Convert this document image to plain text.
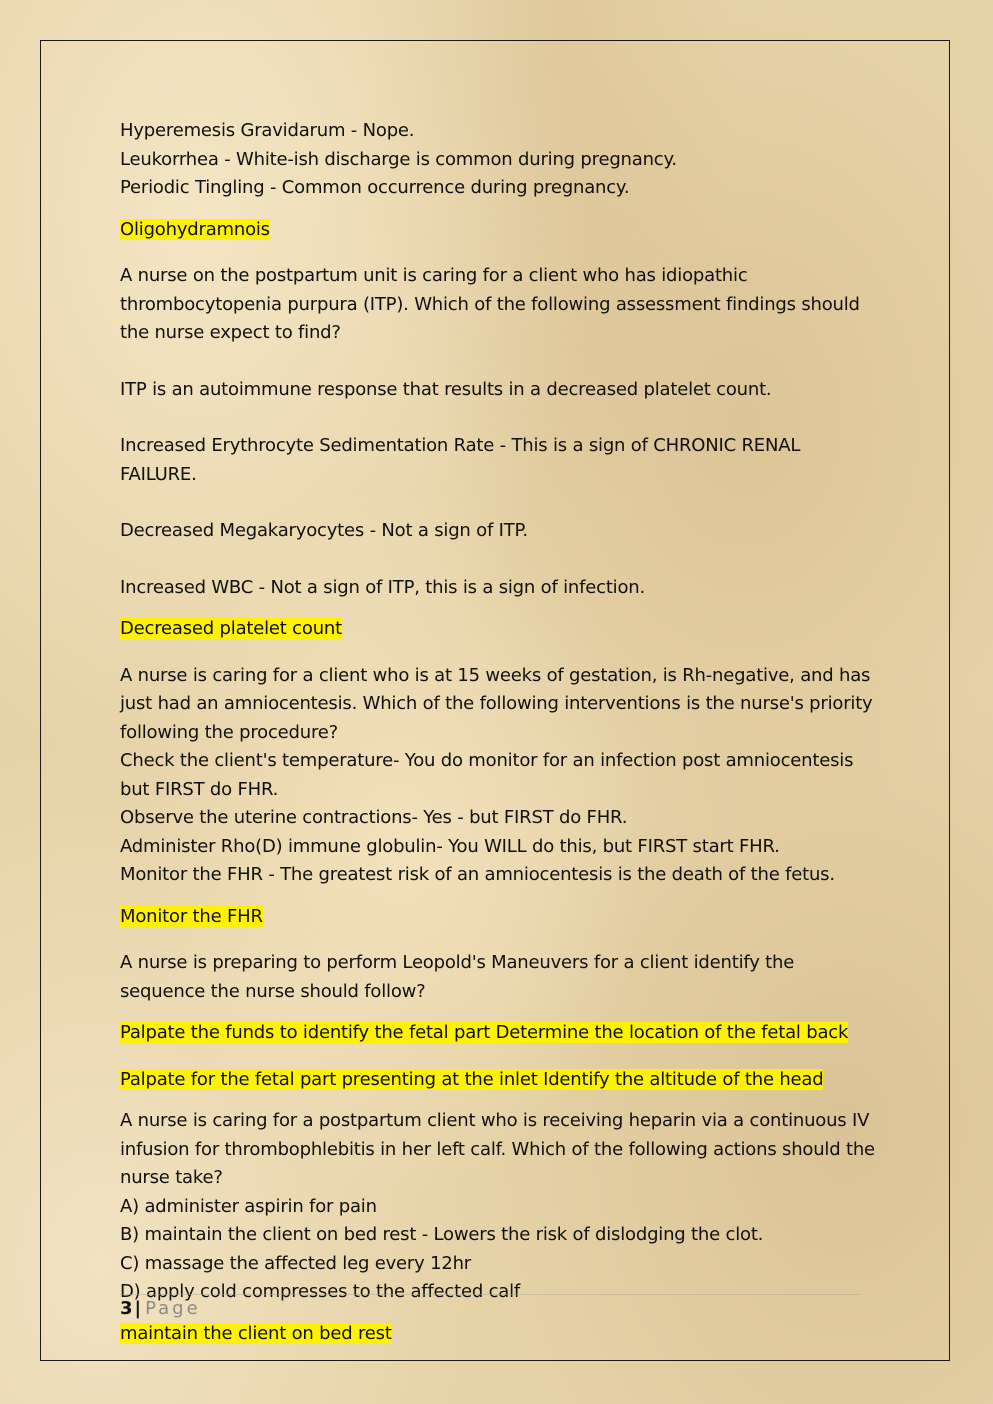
Hyperemesis Gravidarum - Nope.

Leukorrhea - White-ish discharge is common during pregnancy.

Periodic Tingling - Common occurrence during pregnancy.

Oligohydramnois

A nurse on the postpartum unit is caring for a client who has idiopathic thrombocytopenia purpura (ITP). Which of the following assessment findings should the nurse expect to find?

ITP is an autoimmune response that results in a decreased platelet count.

Increased Erythrocyte Sedimentation Rate - This is a sign of CHRONIC RENAL FAILURE.

Decreased Megakaryocytes - Not a sign of ITP.

Increased WBC - Not a sign of ITP, this is a sign of infection.

Decreased platelet count

A nurse is caring for a client who is at 15 weeks of gestation, is Rh-negative, and has just had an amniocentesis. Which of the following interventions is the nurse's priority following the procedure?

Check the client's temperature- You do monitor for an infection post amniocentesis but FIRST do FHR.

Observe the uterine contractions- Yes - but FIRST do FHR.

Administer Rho(D) immune globulin- You WILL do this, but FIRST start FHR.

Monitor the FHR - The greatest risk of an amniocentesis is the death of the fetus.

Monitor the FHR

A nurse is preparing to perform Leopold's Maneuvers for a client identify the sequence the nurse should follow?

Palpate the funds to identify the fetal part Determine the location of the fetal back

Palpate for the fetal part presenting at the inlet Identify the altitude of the head

A nurse is caring for a postpartum client who is receiving heparin via a continuous IV infusion for thrombophlebitis in her left calf. Which of the following actions should the nurse take?

A) administer aspirin for pain

B) maintain the client on bed rest - Lowers the risk of dislodging the clot.

C) massage the affected leg every 12hr

D) apply cold compresses to the affected calf

maintain the client on bed rest

3 | Page
